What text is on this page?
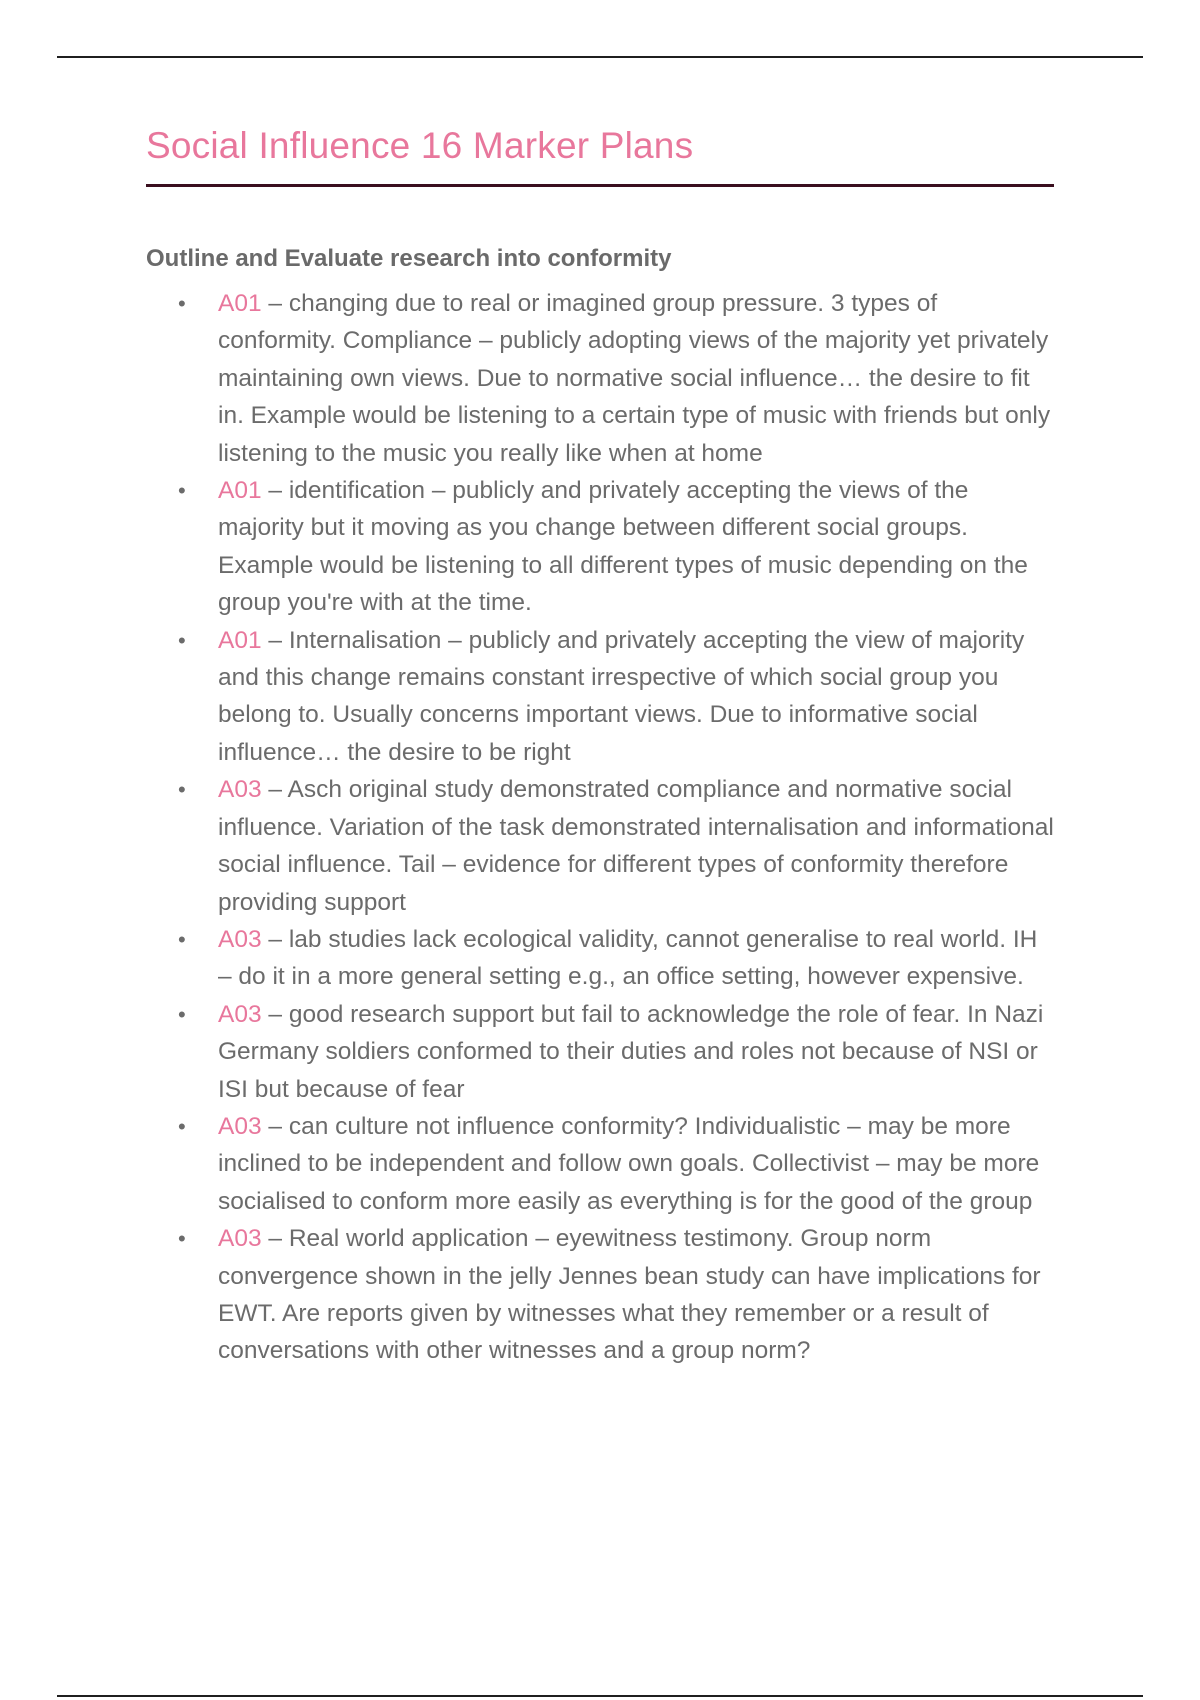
Social Influence 16 Marker Plans
Outline and Evaluate research into conformity
• A01 – changing due to real or imagined group pressure. 3 types of conformity. Compliance – publicly adopting views of the majority yet privately maintaining own views. Due to normative social influence… the desire to fit in. Example would be listening to a certain type of music with friends but only listening to the music you really like when at home
• A01 – identification – publicly and privately accepting the views of the majority but it moving as you change between different social groups. Example would be listening to all different types of music depending on the group you're with at the time.
• A01 – Internalisation – publicly and privately accepting the view of majority and this change remains constant irrespective of which social group you belong to. Usually concerns important views. Due to informative social influence… the desire to be right
• A03 – Asch original study demonstrated compliance and normative social influence. Variation of the task demonstrated internalisation and informational social influence. Tail – evidence for different types of conformity therefore providing support
• A03 – lab studies lack ecological validity, cannot generalise to real world. IH – do it in a more general setting e.g., an office setting, however expensive.
• A03 – good research support but fail to acknowledge the role of fear. In Nazi Germany soldiers conformed to their duties and roles not because of NSI or ISI but because of fear
• A03 – can culture not influence conformity? Individualistic – may be more inclined to be independent and follow own goals. Collectivist – may be more socialised to conform more easily as everything is for the good of the group
• A03 – Real world application – eyewitness testimony. Group norm convergence shown in the jelly Jennes bean study can have implications for EWT. Are reports given by witnesses what they remember or a result of conversations with other witnesses and a group norm?
